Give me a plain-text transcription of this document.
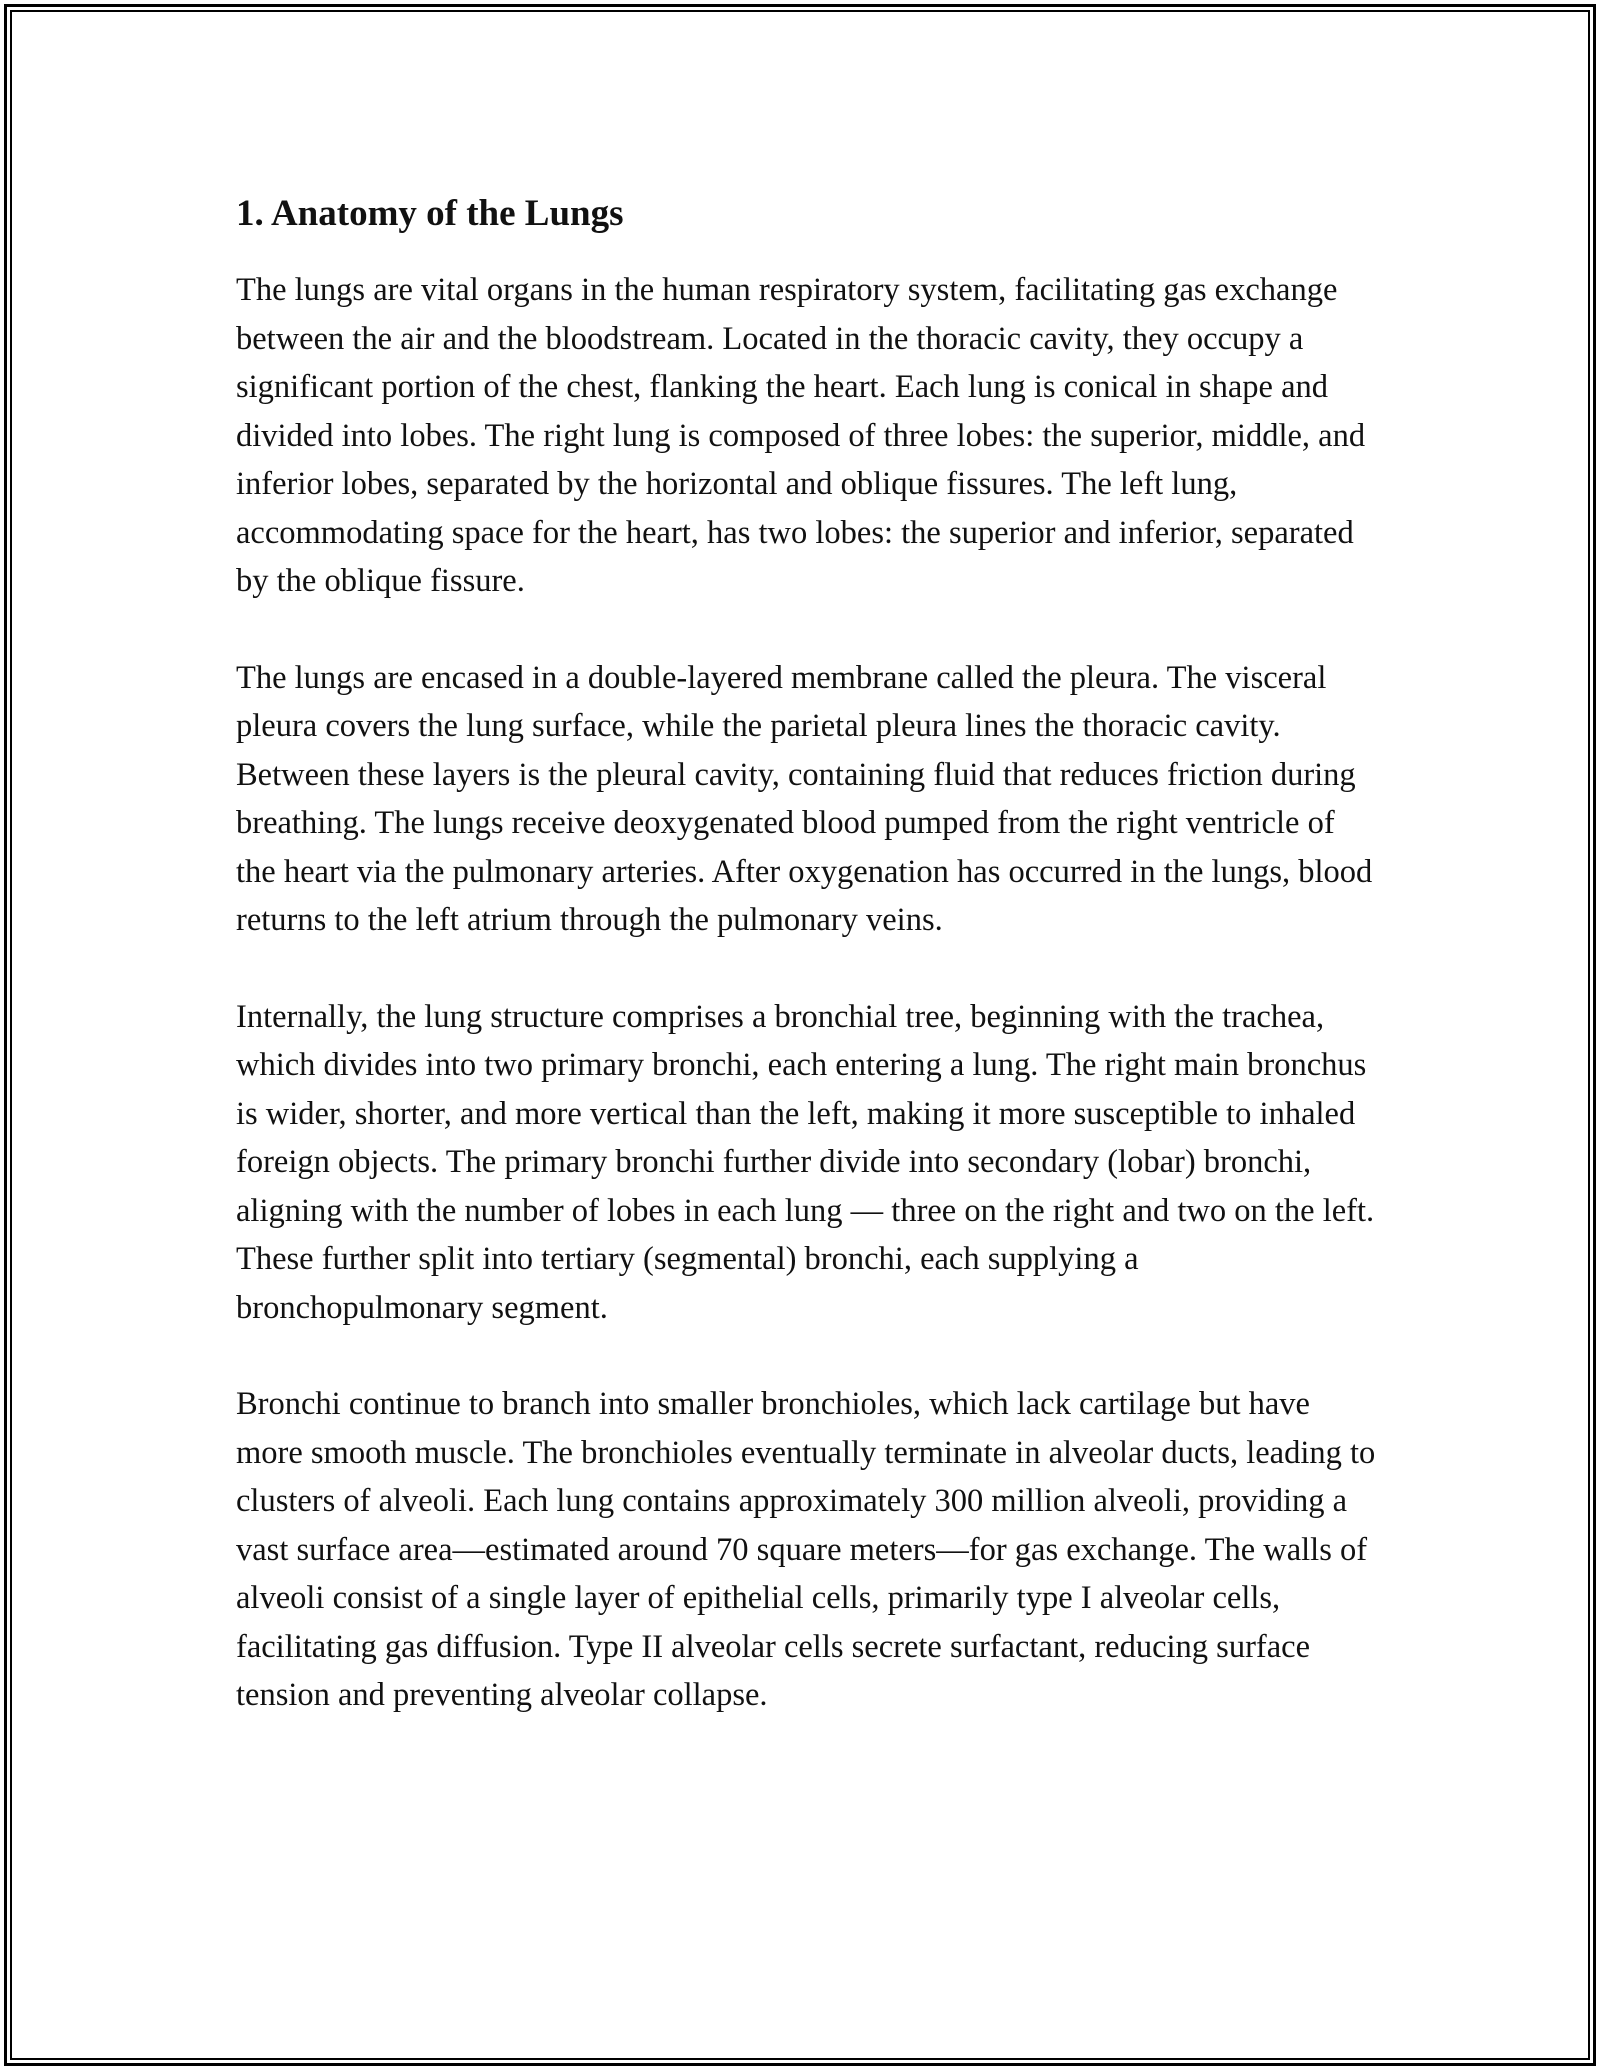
1. Anatomy of the Lungs

The lungs are vital organs in the human respiratory system, facilitating gas exchange between the air and the bloodstream. Located in the thoracic cavity, they occupy a significant portion of the chest, flanking the heart. Each lung is conical in shape and divided into lobes. The right lung is composed of three lobes: the superior, middle, and inferior lobes, separated by the horizontal and oblique fissures. The left lung, accommodating space for the heart, has two lobes: the superior and inferior, separated by the oblique fissure.

The lungs are encased in a double-layered membrane called the pleura. The visceral pleura covers the lung surface, while the parietal pleura lines the thoracic cavity. Between these layers is the pleural cavity, containing fluid that reduces friction during breathing. The lungs receive deoxygenated blood pumped from the right ventricle of the heart via the pulmonary arteries. After oxygenation has occurred in the lungs, blood returns to the left atrium through the pulmonary veins.

Internally, the lung structure comprises a bronchial tree, beginning with the trachea, which divides into two primary bronchi, each entering a lung. The right main bronchus is wider, shorter, and more vertical than the left, making it more susceptible to inhaled foreign objects. The primary bronchi further divide into secondary (lobar) bronchi, aligning with the number of lobes in each lung — three on the right and two on the left. These further split into tertiary (segmental) bronchi, each supplying a bronchopulmonary segment.

Bronchi continue to branch into smaller bronchioles, which lack cartilage but have more smooth muscle. The bronchioles eventually terminate in alveolar ducts, leading to clusters of alveoli. Each lung contains approximately 300 million alveoli, providing a vast surface area—estimated around 70 square meters—for gas exchange. The walls of alveoli consist of a single layer of epithelial cells, primarily type I alveolar cells, facilitating gas diffusion. Type II alveolar cells secrete surfactant, reducing surface tension and preventing alveolar collapse.
